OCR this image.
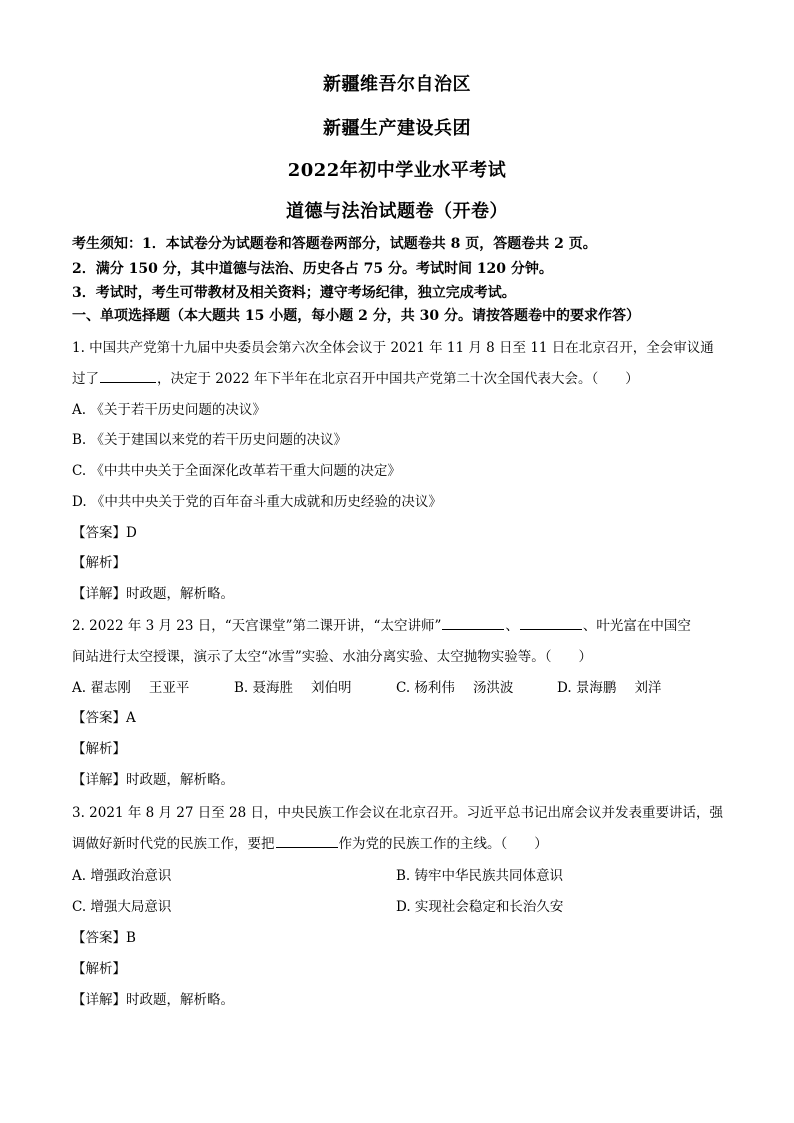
新疆维吾尔自治区
新疆生产建设兵团
2022年初中学业水平考试
道德与法治试题卷（开卷）
考生须知：1．本试卷分为试题卷和答题卷两部分，试题卷共 8 页，答题卷共 2 页。
2．满分 150 分，其中道德与法治、历史各占 75 分。考试时间 120 分钟。
3．考试时，考生可带教材及相关资料；遵守考场纪律，独立完成考试。
一、单项选择题（本大题共 15 小题，每小题 2 分，共 30 分。请按答题卷中的要求作答）
1. 中国共产党第十九届中央委员会第六次全体会议于 2021 年 11 月 8 日至 11 日在北京召开，全会审议通
过了	，决定于 2022 年下半年在北京召开中国共产党第二十次全国代表大会。（　　）
A. 《关于若干历史问题的决议》
B. 《关于建国以来党的若干历史问题的决议》
C. 《中共中央关于全面深化改革若干重大问题的决定》
D. 《中共中央关于党的百年奋斗重大成就和历史经验的决议》
【答案】D
【解析】
【详解】时政题，解析略。
2. 2022 年 3 月 23 日，“天宫课堂”第二课开讲，“太空讲师”	、	、叶光富在中国空
间站进行太空授课，演示了太空“冰雪”实验、水油分离实验、太空抛物实验等。（　　）
A. 翟志刚 王亚平	B. 聂海胜 刘伯明	C. 杨利伟 汤洪波	D. 景海鹏 刘洋
【答案】A
【解析】
【详解】时政题，解析略。
3. 2021 年 8 月 27 日至 28 日，中央民族工作会议在北京召开。习近平总书记出席会议并发表重要讲话，强
调做好新时代党的民族工作，要把	作为党的民族工作的主线。（　　）
A. 增强政治意识	B. 铸牢中华民族共同体意识
C. 增强大局意识	D. 实现社会稳定和长治久安
【答案】B
【解析】
【详解】时政题，解析略。
